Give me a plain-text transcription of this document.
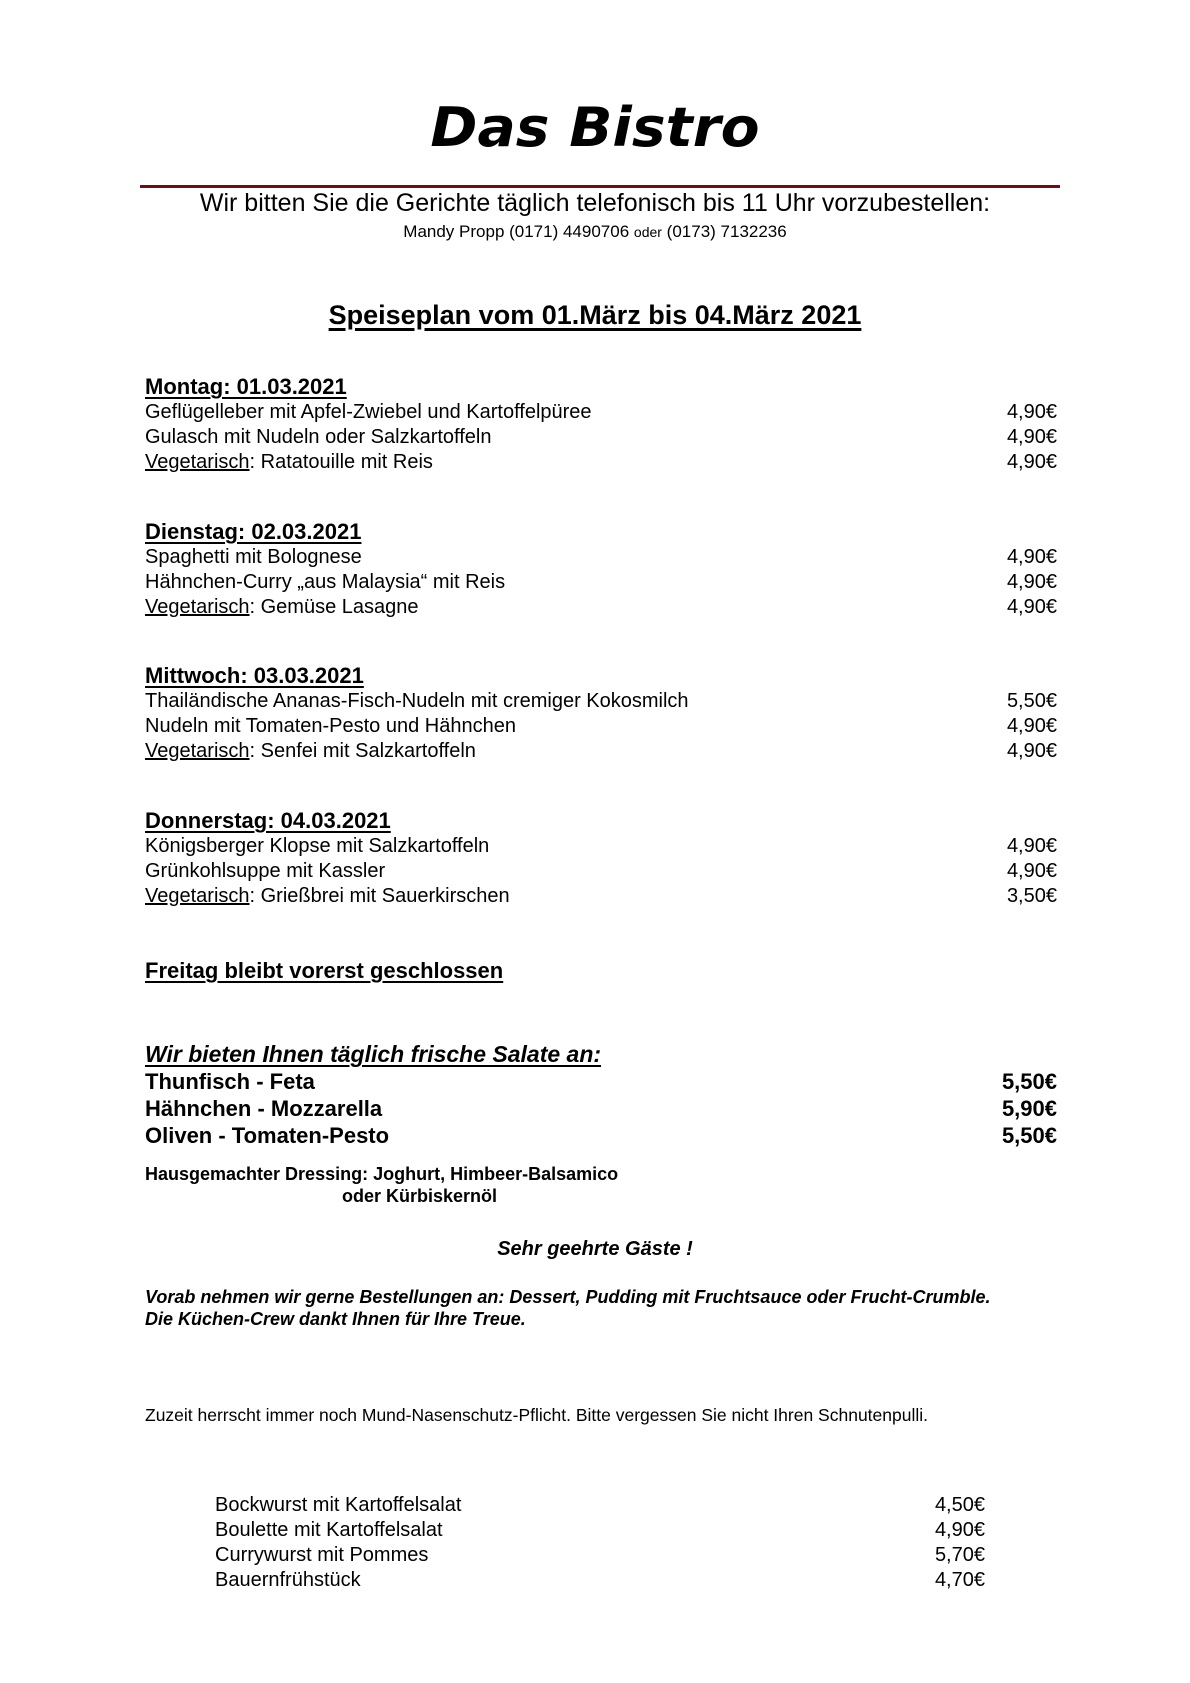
Das Bistro
Wir bitten Sie die Gerichte täglich telefonisch bis 11 Uhr vorzubestellen:
Mandy Propp (0171) 4490706 oder (0173) 7132236
Speiseplan vom 01.März bis 04.März 2021
Montag: 01.03.2021
Geflügelleber mit Apfel-Zwiebel und Kartoffelpüree	4,90€
Gulasch mit Nudeln oder Salzkartoffeln	4,90€
Vegetarisch: Ratatouille mit Reis	4,90€
Dienstag: 02.03.2021
Spaghetti mit Bolognese	4,90€
Hähnchen-Curry „aus Malaysia“ mit Reis	4,90€
Vegetarisch: Gemüse Lasagne	4,90€
Mittwoch: 03.03.2021
Thailändische Ananas-Fisch-Nudeln mit cremiger Kokosmilch	5,50€
Nudeln mit Tomaten-Pesto und Hähnchen	4,90€
Vegetarisch: Senfei mit Salzkartoffeln	4,90€
Donnerstag: 04.03.2021
Königsberger Klopse mit Salzkartoffeln	4,90€
Grünkohlsuppe mit Kassler	4,90€
Vegetarisch: Grießbrei mit Sauerkirschen	3,50€
Freitag bleibt vorerst geschlossen
Wir bieten Ihnen täglich frische Salate an:
Thunfisch - Feta	5,50€
Hähnchen - Mozzarella	5,90€
Oliven - Tomaten-Pesto	5,50€
Hausgemachter Dressing: Joghurt, Himbeer-Balsamico
oder Kürbiskernöl
Sehr geehrte Gäste !
Vorab nehmen wir gerne Bestellungen an: Dessert, Pudding mit Fruchtsauce oder Frucht-Crumble.
Die Küchen-Crew dankt Ihnen für Ihre Treue.
Zuzeit herrscht immer noch Mund-Nasenschutz-Pflicht. Bitte vergessen Sie nicht Ihren Schnutenpulli.
Bockwurst mit Kartoffelsalat	4,50€
Boulette mit Kartoffelsalat	4,90€
Currywurst mit Pommes	5,70€
Bauernfrühstück	4,70€
